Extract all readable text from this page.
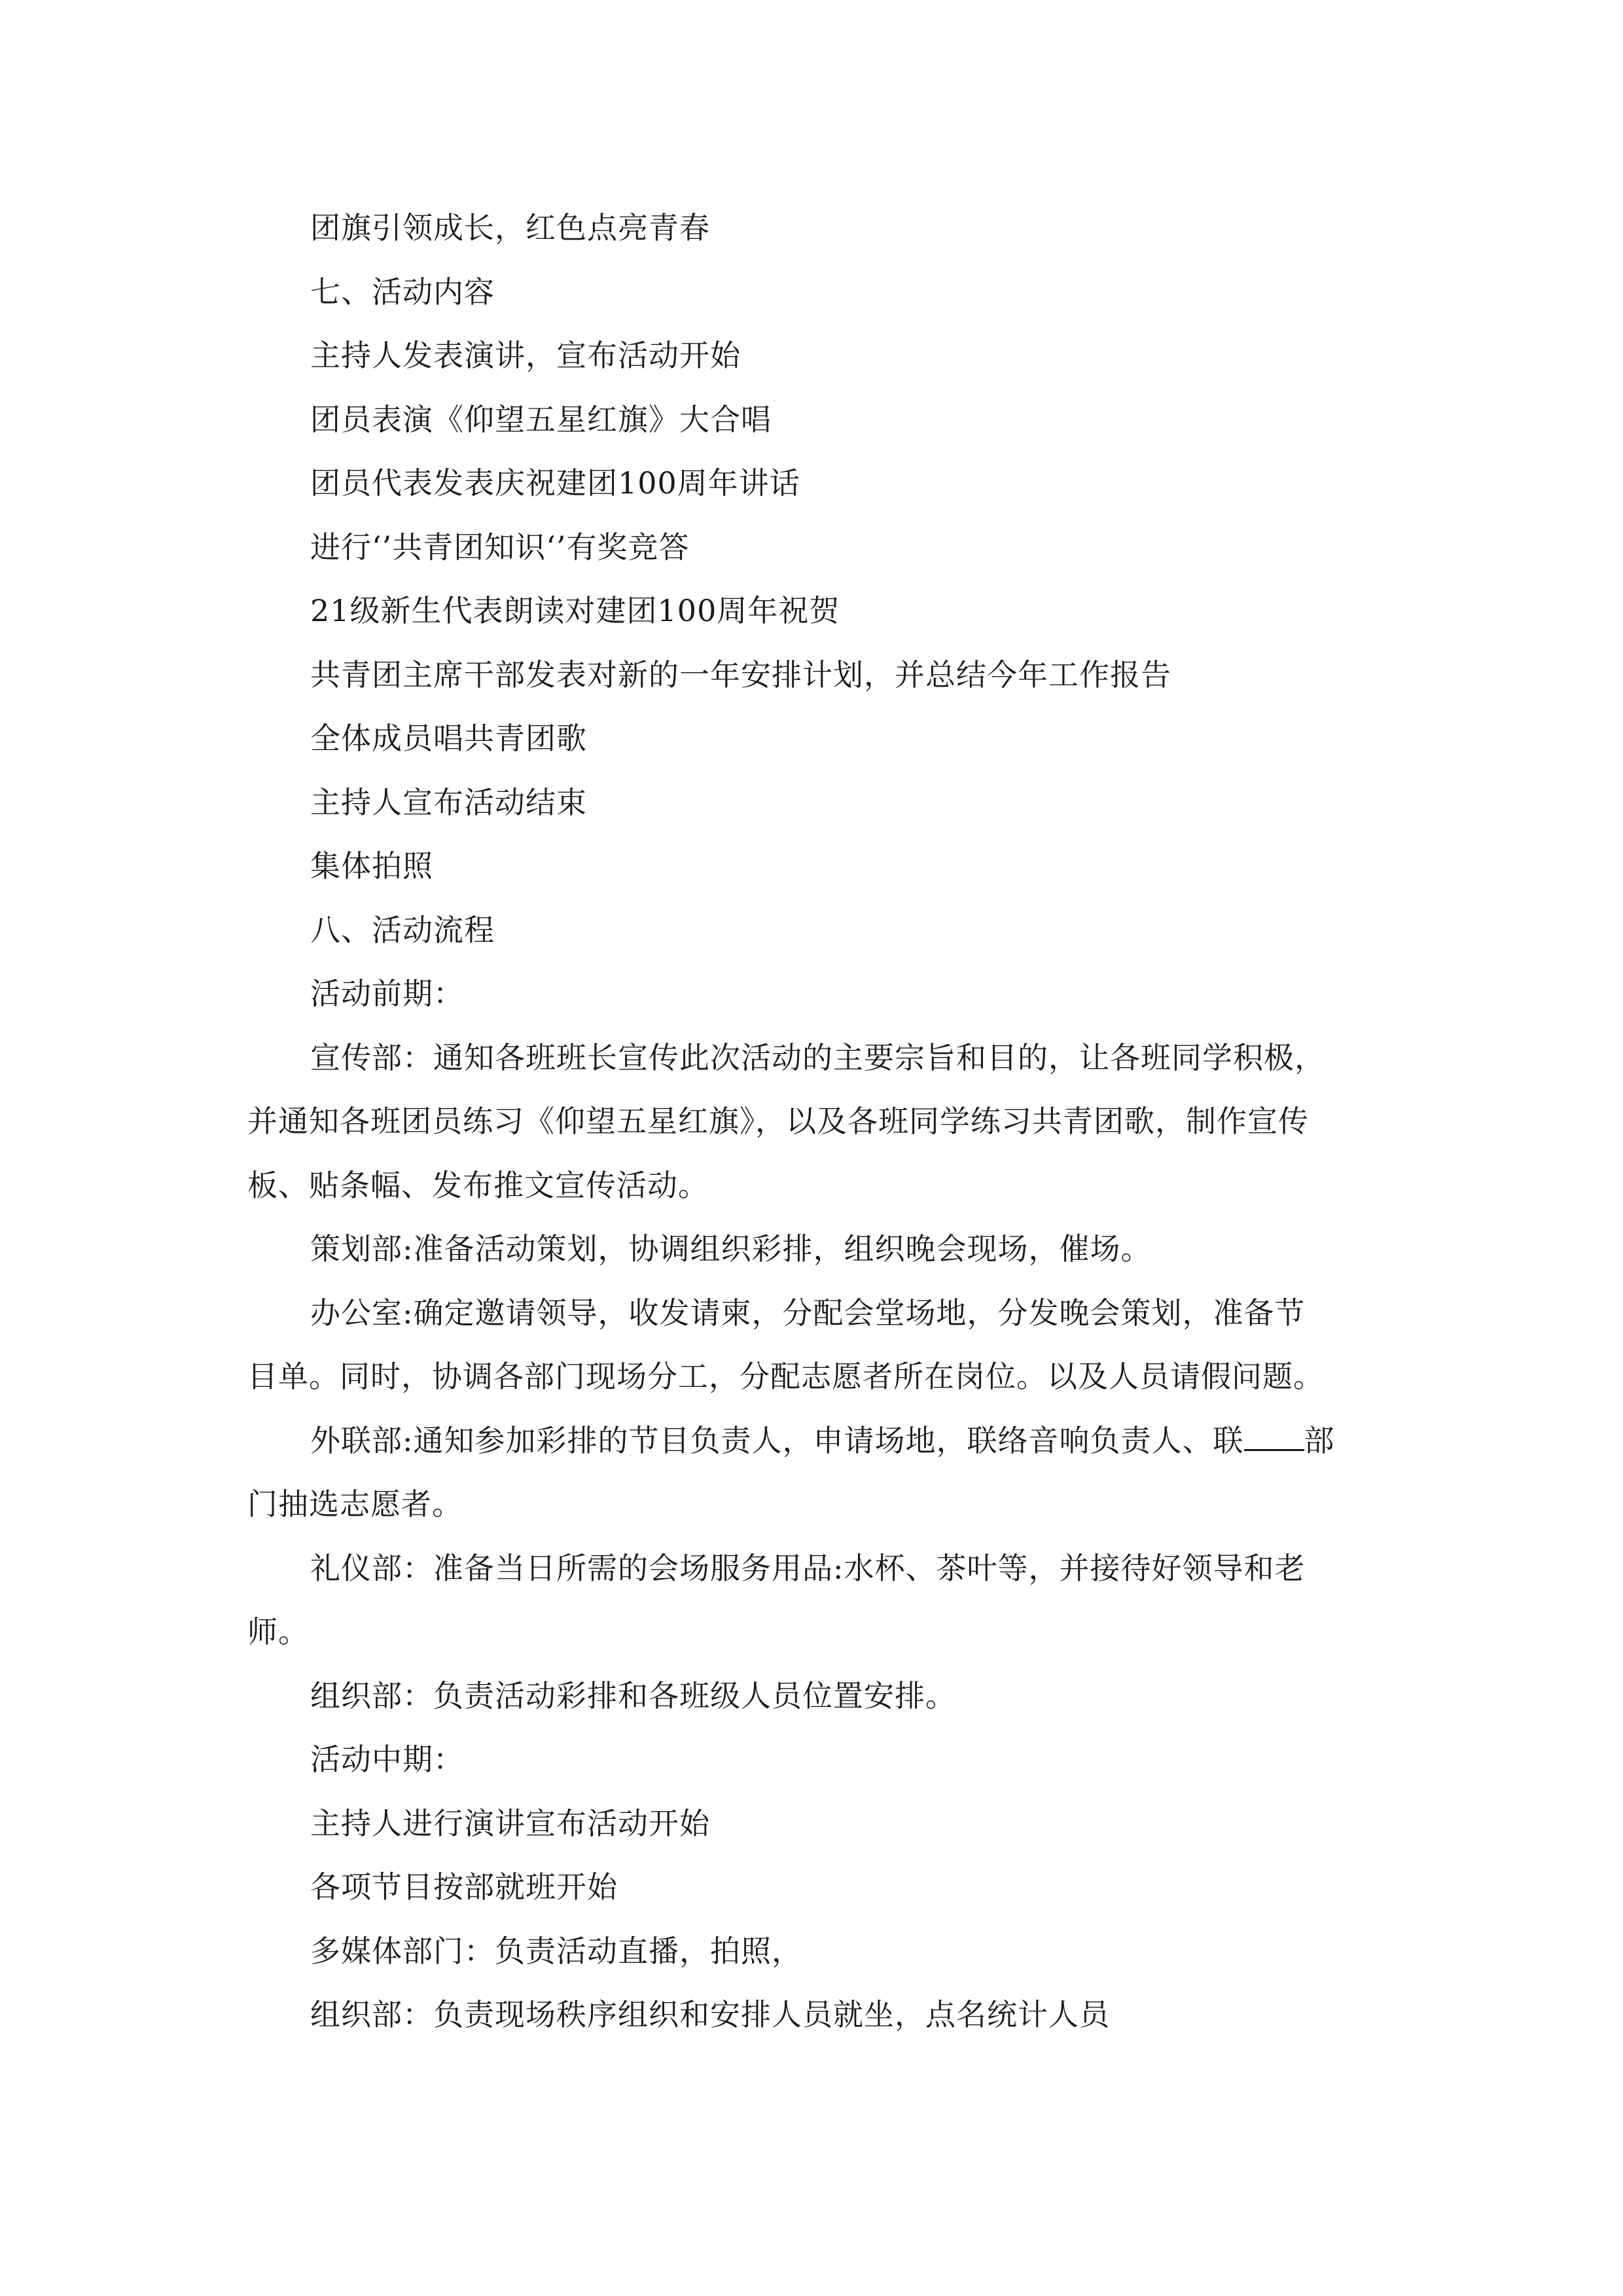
团旗引领成长，红色点亮青春

七、活动内容

主持人发表演讲，宣布活动开始

团员表演《仰望五星红旗》大合唱

团员代表发表庆祝建团100周年讲话

进行‘’共青团知识‘’有奖竞答

21级新生代表朗读对建团100周年祝贺

共青团主席干部发表对新的一年安排计划，并总结今年工作报告

全体成员唱共青团歌

主持人宣布活动结束

集体拍照

八、活动流程

活动前期：

宣传部：通知各班班长宣传此次活动的主要宗旨和目的，让各班同学积极，
并通知各班团员练习《仰望五星红旗》，以及各班同学练习共青团歌，制作宣传
板、贴条幅、发布推文宣传活动。
策划部:准备活动策划，协调组织彩排，组织晚会现场，催场。
办公室:确定邀请领导，收发请柬，分配会堂场地，分发晚会策划，准备节
目单。同时，协调各部门现场分工，分配志愿者所在岗位。以及人员请假问题。
外联部:通知参加彩排的节目负责人，申请场地，联络音响负责人、联 部
门抽选志愿者。
礼仪部：准备当日所需的会场服务用品:水杯、茶叶等，并接待好领导和老
师。
组织部：负责活动彩排和各班级人员位置安排。

活动中期：

主持人进行演讲宣布活动开始

各项节目按部就班开始

多媒体部门：负责活动直播，拍照，

组织部：负责现场秩序组织和安排人员就坐，点名统计人员
